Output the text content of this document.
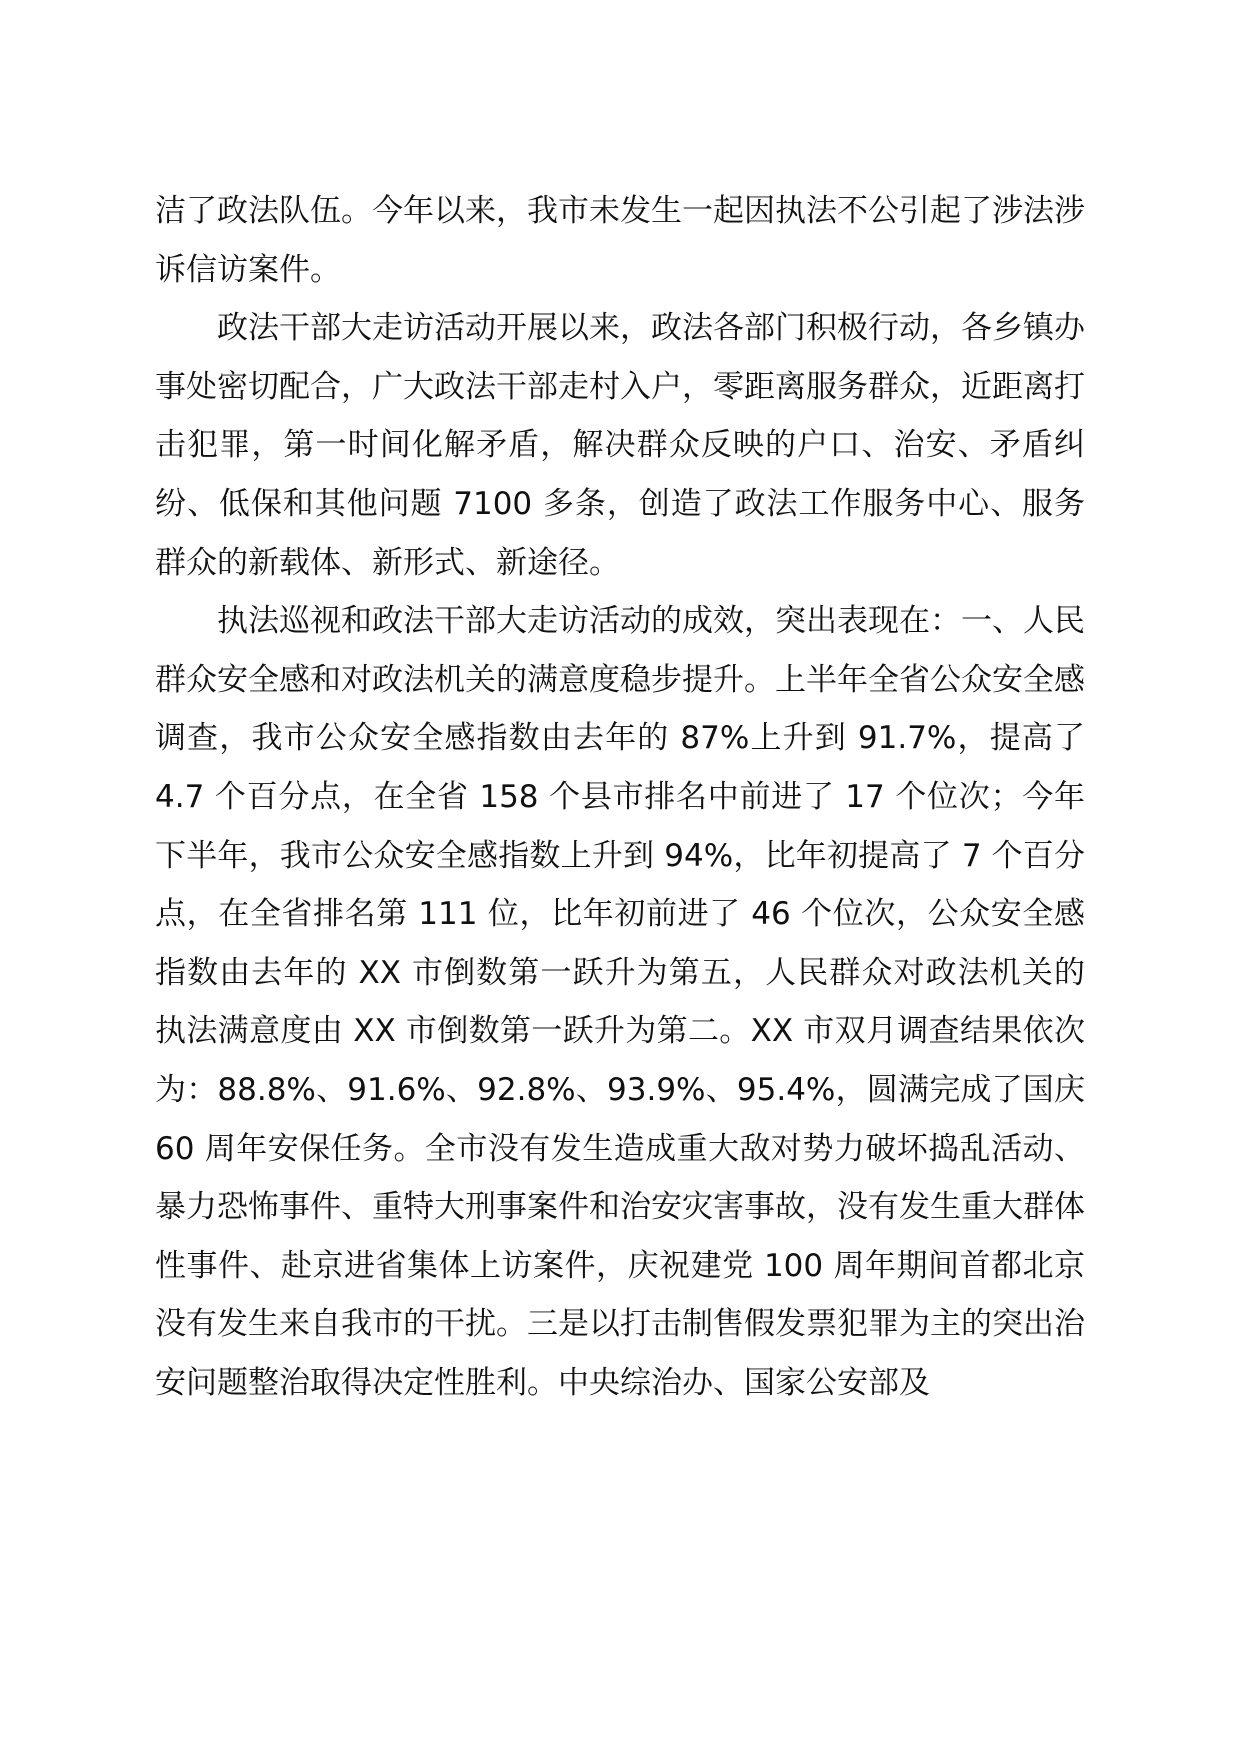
洁了政法队伍。今年以来，我市未发生一起因执法不公引起了涉法涉诉信访案件。

政法干部大走访活动开展以来，政法各部门积极行动，各乡镇办事处密切配合，广大政法干部走村入户，零距离服务群众，近距离打击犯罪，第一时间化解矛盾，解决群众反映的户口、治安、矛盾纠纷、低保和其他问题 7100 多条，创造了政法工作服务中心、服务群众的新载体、新形式、新途径。

执法巡视和政法干部大走访活动的成效，突出表现在：一、人民群众安全感和对政法机关的满意度稳步提升。上半年全省公众安全感调查，我市公众安全感指数由去年的 87%上升到 91.7%，提高了 4.7 个百分点，在全省 158 个县市排名中前进了 17 个位次；今年下半年，我市公众安全感指数上升到 94%，比年初提高了 7 个百分点，在全省排名第 111 位，比年初前进了 46 个位次，公众安全感指数由去年的 XX 市倒数第一跃升为第五，人民群众对政法机关的执法满意度由 XX 市倒数第一跃升为第二。XX 市双月调查结果依次为：88.8%、91.6%、92.8%、93.9%、95.4%，圆满完成了国庆 60 周年安保任务。全市没有发生造成重大敌对势力破坏捣乱活动、暴力恐怖事件、重特大刑事案件和治安灾害事故，没有发生重大群体性事件、赴京进省集体上访案件，庆祝建党 100 周年期间首都北京没有发生来自我市的干扰。三是以打击制售假发票犯罪为主的突出治安问题整治取得决定性胜利。中央综治办、国家公安部及
